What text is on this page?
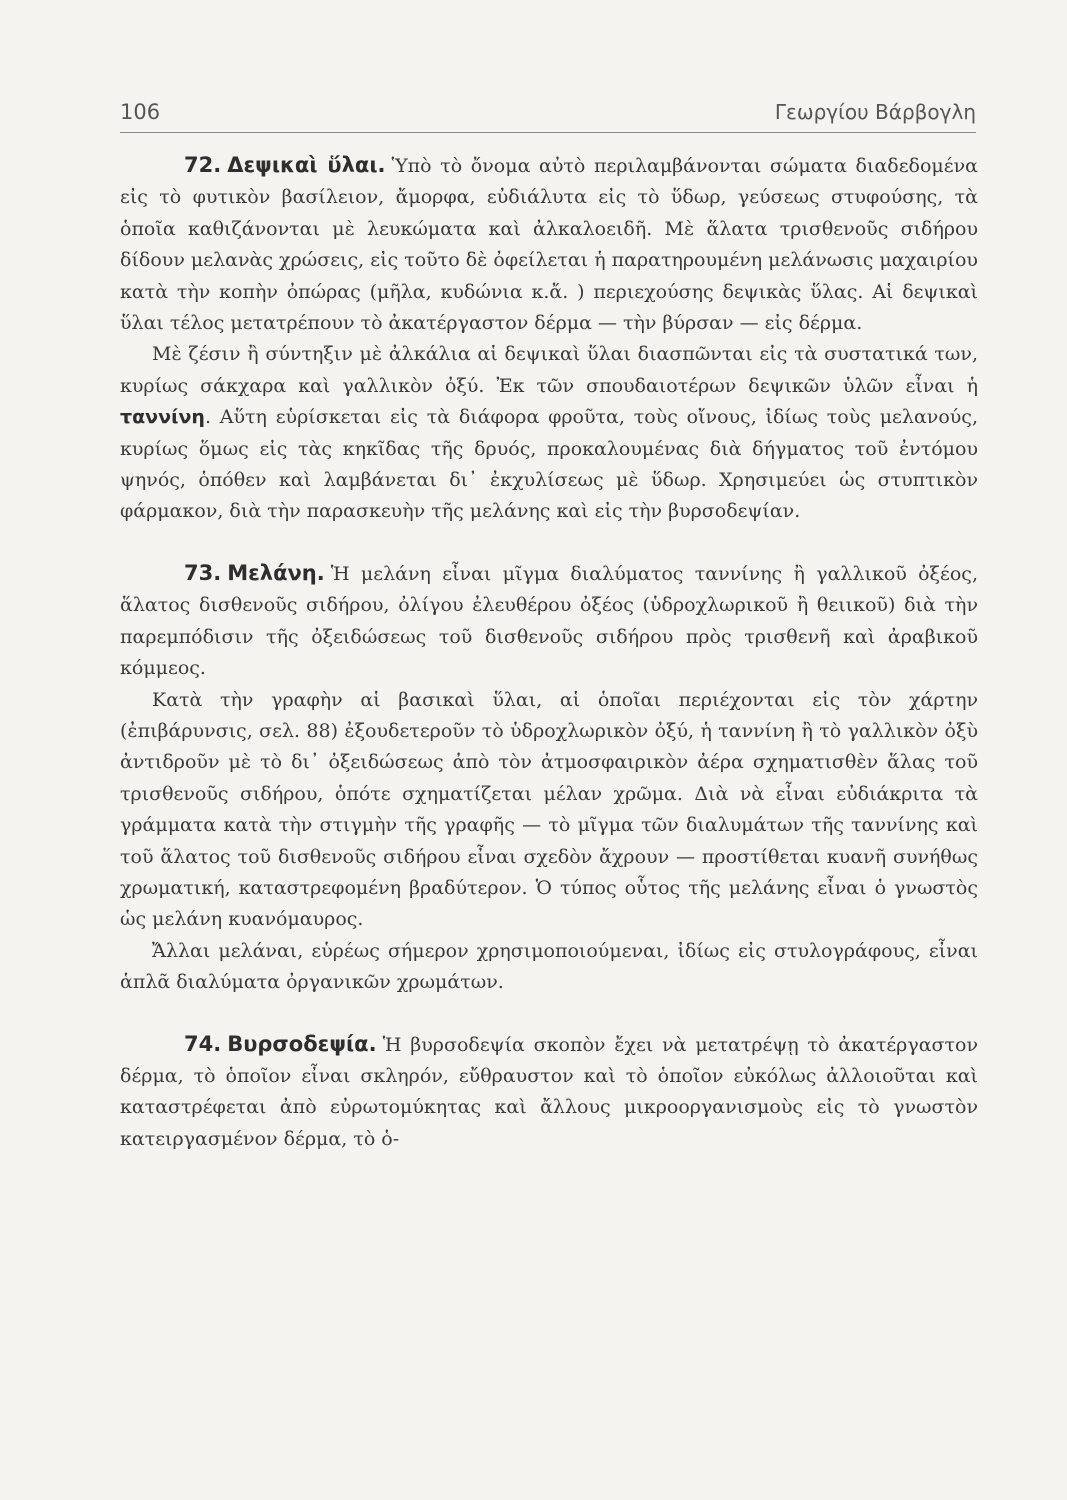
106	Γεωργίου Βάρβογλη

72. Δεψικαὶ ὕλαι. Ὑπὸ τὸ ὄνομα αὐτὸ περιλαμβάνονται σώματα διαδεδομένα εἰς τὸ φυτικὸν βασίλειον, ἄμορφα, εὐδιάλυτα εἰς τὸ ὕδωρ, γεύσεως στυφούσης, τὰ ὁποῖα καθιζάνονται μὲ λευκώματα καὶ ἀλκαλοειδῆ. Μὲ ἅλατα τρισθενοῦς σιδήρου δίδουν μελανὰς χρώσεις, εἰς τοῦτο δὲ ὀφείλεται ἡ παρατηρουμένη μελάνωσις μαχαιρίου κατὰ τὴν κοπὴν ὀπώρας (μῆλα, κυδώνια κ.ἄ. ) περιεχούσης δεψικὰς ὕλας. Αἱ δεψικαὶ ὕλαι τέλος μετατρέπουν τὸ ἀκατέργαστον δέρμα — τὴν βύρσαν — εἰς δέρμα.

Μὲ ζέσιν ἢ σύντηξιν μὲ ἀλκάλια αἱ δεψικαὶ ὕλαι διασπῶνται εἰς τὰ συστατικά των, κυρίως σάκχαρα καὶ γαλλικὸν ὀξύ. Ἐκ τῶν σπουδαιοτέρων δεψικῶν ὑλῶν εἶναι ἡ ταννίνη. Αὕτη εὑρίσκεται εἰς τὰ διάφορα φροῦτα, τοὺς οἴνους, ἰδίως τοὺς μελανούς, κυρίως ὅμως εἰς τὰς κηκῖδας τῆς δρυός, προκαλουμένας διὰ δήγματος τοῦ ἐντόμου ψηνός, ὁπόθεν καὶ λαμβάνεται δι᾽ ἐκχυλίσεως μὲ ὕδωρ. Χρησιμεύει ὡς στυπτικὸν φάρμακον, διὰ τὴν παρασκευὴν τῆς μελάνης καὶ εἰς τὴν βυρσοδεψίαν.

73. Μελάνη. Ἡ μελάνη εἶναι μῖγμα διαλύματος ταννίνης ἢ γαλλικοῦ ὀξέος, ἅλατος δισθενοῦς σιδήρου, ὀλίγου ἐλευθέρου ὀξέος (ὑδροχλωρικοῦ ἢ θειικοῦ) διὰ τὴν παρεμπόδισιν τῆς ὀξειδώσεως τοῦ δισθενοῦς σιδήρου πρὸς τρισθενῆ καὶ ἀραβικοῦ κόμμεος.

Κατὰ τὴν γραφὴν αἱ βασικαὶ ὕλαι, αἱ ὁποῖαι περιέχονται εἰς τὸν χάρτην (ἐπιβάρυνσις, σελ. 88) ἐξουδετεροῦν τὸ ὑδροχλωρικὸν ὀξύ, ἡ ταννίνη ἢ τὸ γαλλικὸν ὀξὺ ἀντιδροῦν μὲ τὸ δι᾽ ὀξειδώσεως ἀπὸ τὸν ἀτμοσφαιρικὸν ἀέρα σχηματισθὲν ἅλας τοῦ τρισθενοῦς σιδήρου, ὁπότε σχηματίζεται μέλαν χρῶμα. Διὰ νὰ εἶναι εὐδιάκριτα τὰ γράμματα κατὰ τὴν στιγμὴν τῆς γραφῆς — τὸ μῖγμα τῶν διαλυμάτων τῆς ταννίνης καὶ τοῦ ἅλατος τοῦ δισθενοῦς σιδήρου εἶναι σχεδὸν ἄχρουν — προστίθεται κυανῆ συνήθως χρωματική, καταστρεφομένη βραδύτερον. Ὁ τύπος οὗτος τῆς μελάνης εἶναι ὁ γνωστὸς ὡς μελάνη κυανόμαυρος.

Ἄλλαι μελάναι, εὑρέως σήμερον χρησιμοποιούμεναι, ἰδίως εἰς στυλογράφους, εἶναι ἁπλᾶ διαλύματα ὀργανικῶν χρωμάτων.

74. Βυρσοδεψία. Ἡ βυρσοδεψία σκοπὸν ἔχει νὰ μετατρέψῃ τὸ ἀκατέργαστον δέρμα, τὸ ὁποῖον εἶναι σκληρόν, εὔθραυστον καὶ τὸ ὁποῖον εὐκόλως ἀλλοιοῦται καὶ καταστρέφεται ἀπὸ εὐρωτομύκητας καὶ ἄλλους μικροοργανισμοὺς εἰς τὸ γνωστὸν κατειργασμένον δέρμα, τὸ ὁ-
